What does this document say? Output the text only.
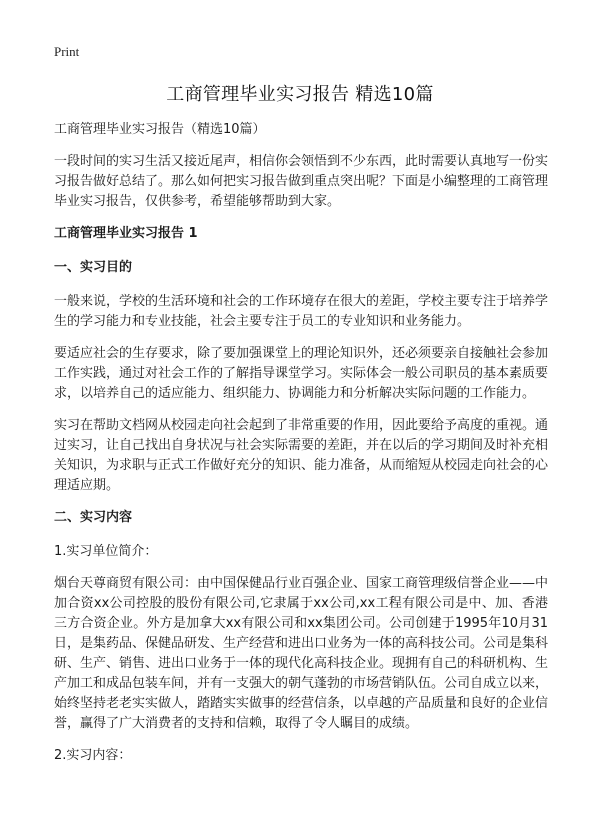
Print
工商管理毕业实习报告 精选10篇

工商管理毕业实习报告（精选10篇）

一段时间的实习生活又接近尾声，相信你会领悟到不少东西，此时需要认真地写一份实习报告做好总结了。那么如何把实习报告做到重点突出呢？下面是小编整理的工商管理毕业实习报告，仅供参考，希望能够帮助到大家。

工商管理毕业实习报告 1

一、实习目的

一般来说，学校的生活环境和社会的工作环境存在很大的差距，学校主要专注于培养学生的学习能力和专业技能，社会主要专注于员工的专业知识和业务能力。

要适应社会的生存要求，除了要加强课堂上的理论知识外，还必须要亲自接触社会参加工作实践，通过对社会工作的了解指导课堂学习。实际体会一般公司职员的基本素质要求，以培养自己的适应能力、组织能力、协调能力和分析解决实际问题的工作能力。

实习在帮助文档网从校园走向社会起到了非常重要的作用，因此要给予高度的重视。通过实习，让自己找出自身状况与社会实际需要的差距，并在以后的学习期间及时补充相关知识，为求职与正式工作做好充分的知识、能力准备，从而缩短从校园走向社会的心理适应期。

二、实习内容

1.实习单位简介：

烟台天尊商贸有限公司：由中国保健品行业百强企业、国家工商管理级信誉企业——中加合资xx公司控股的股份有限公司,它隶属于xx公司,xx工程有限公司是中、加、香港三方合资企业。外方是加拿大xx有限公司和xx集团公司。公司创建于1995年10月31日，是集药品、保健品研发、生产经营和进出口业务为一体的高科技公司。公司是集科研、生产、销售、进出口业务于一体的现代化高科技企业。现拥有自己的科研机构、生产加工和成品包装车间，并有一支强大的朝气蓬勃的市场营销队伍。公司自成立以来，始终坚持老老实实做人，踏踏实实做事的经营信条，以卓越的产品质量和良好的企业信誉，赢得了广大消费者的支持和信赖，取得了令人瞩目的成绩。

2.实习内容：
